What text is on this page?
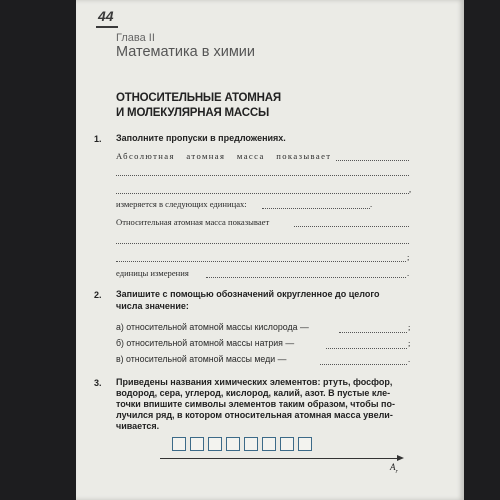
44
Глава II
Математика в химии
ОТНОСИТЕЛЬНЫЕ АТОМНАЯ
И МОЛЕКУЛЯРНАЯ МАССЫ
1. Заполните пропуски в предложениях.
Абсолютная атомная масса показывает
,
измеряется в следующих единицах:	.
Относительная атомная масса показывает
;
единицы измерения	.
2. Запишите с помощью обозначений округленное до целого
числа значение:
а) относительной атомной массы кислорода —	;
б) относительной атомной массы натрия —	;
в) относительной атомной массы меди —	.
3. Приведены названия химических элементов: ртуть, фосфор,
водород, сера, углерод, кислород, калий, азот. В пустые кле-
точки впишите символы элементов таким образом, чтобы по-
лучился ряд, в котором относительная атомная масса увели-
чивается.
$A_r$
